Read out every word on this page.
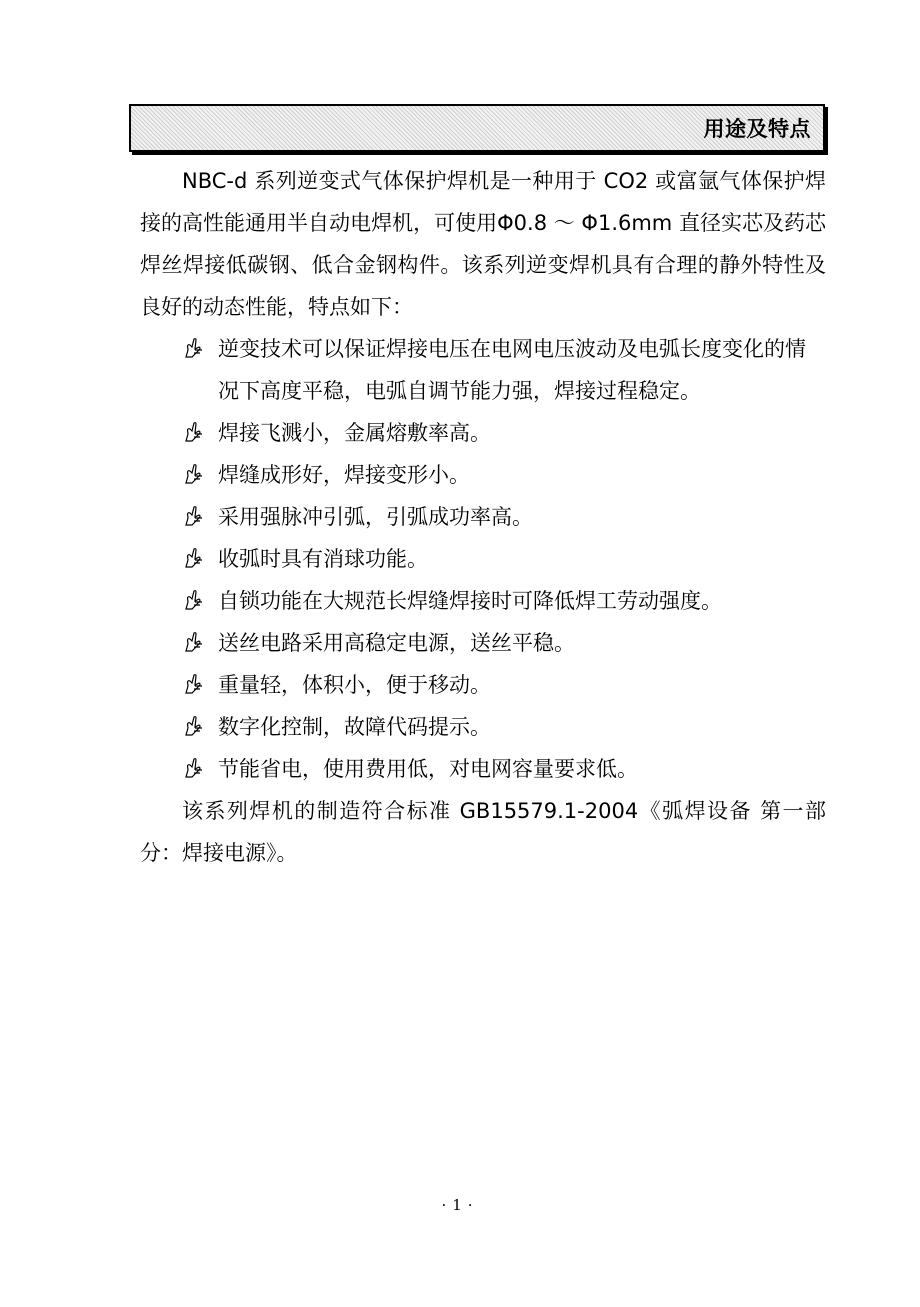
用途及特点

NBC-d 系列逆变式气体保护焊机是一种用于 CO2 或富氩气体保护焊接的高性能通用半自动电焊机，可使用Φ0.8 ～ Φ1.6mm 直径实芯及药芯焊丝焊接低碳钢、低合金钢构件。该系列逆变焊机具有合理的静外特性及良好的动态性能，特点如下：

逆变技术可以保证焊接电压在电网电压波动及电弧长度变化的情况下高度平稳，电弧自调节能力强，焊接过程稳定。
焊接飞溅小，金属熔敷率高。
焊缝成形好，焊接变形小。
采用强脉冲引弧，引弧成功率高。
收弧时具有消球功能。
自锁功能在大规范长焊缝焊接时可降低焊工劳动强度。
送丝电路采用高稳定电源，送丝平稳。
重量轻，体积小，便于移动。
数字化控制，故障代码提示。
节能省电，使用费用低，对电网容量要求低。

该系列焊机的制造符合标准 GB15579.1-2004《弧焊设备 第一部分：焊接电源》。

·1·
